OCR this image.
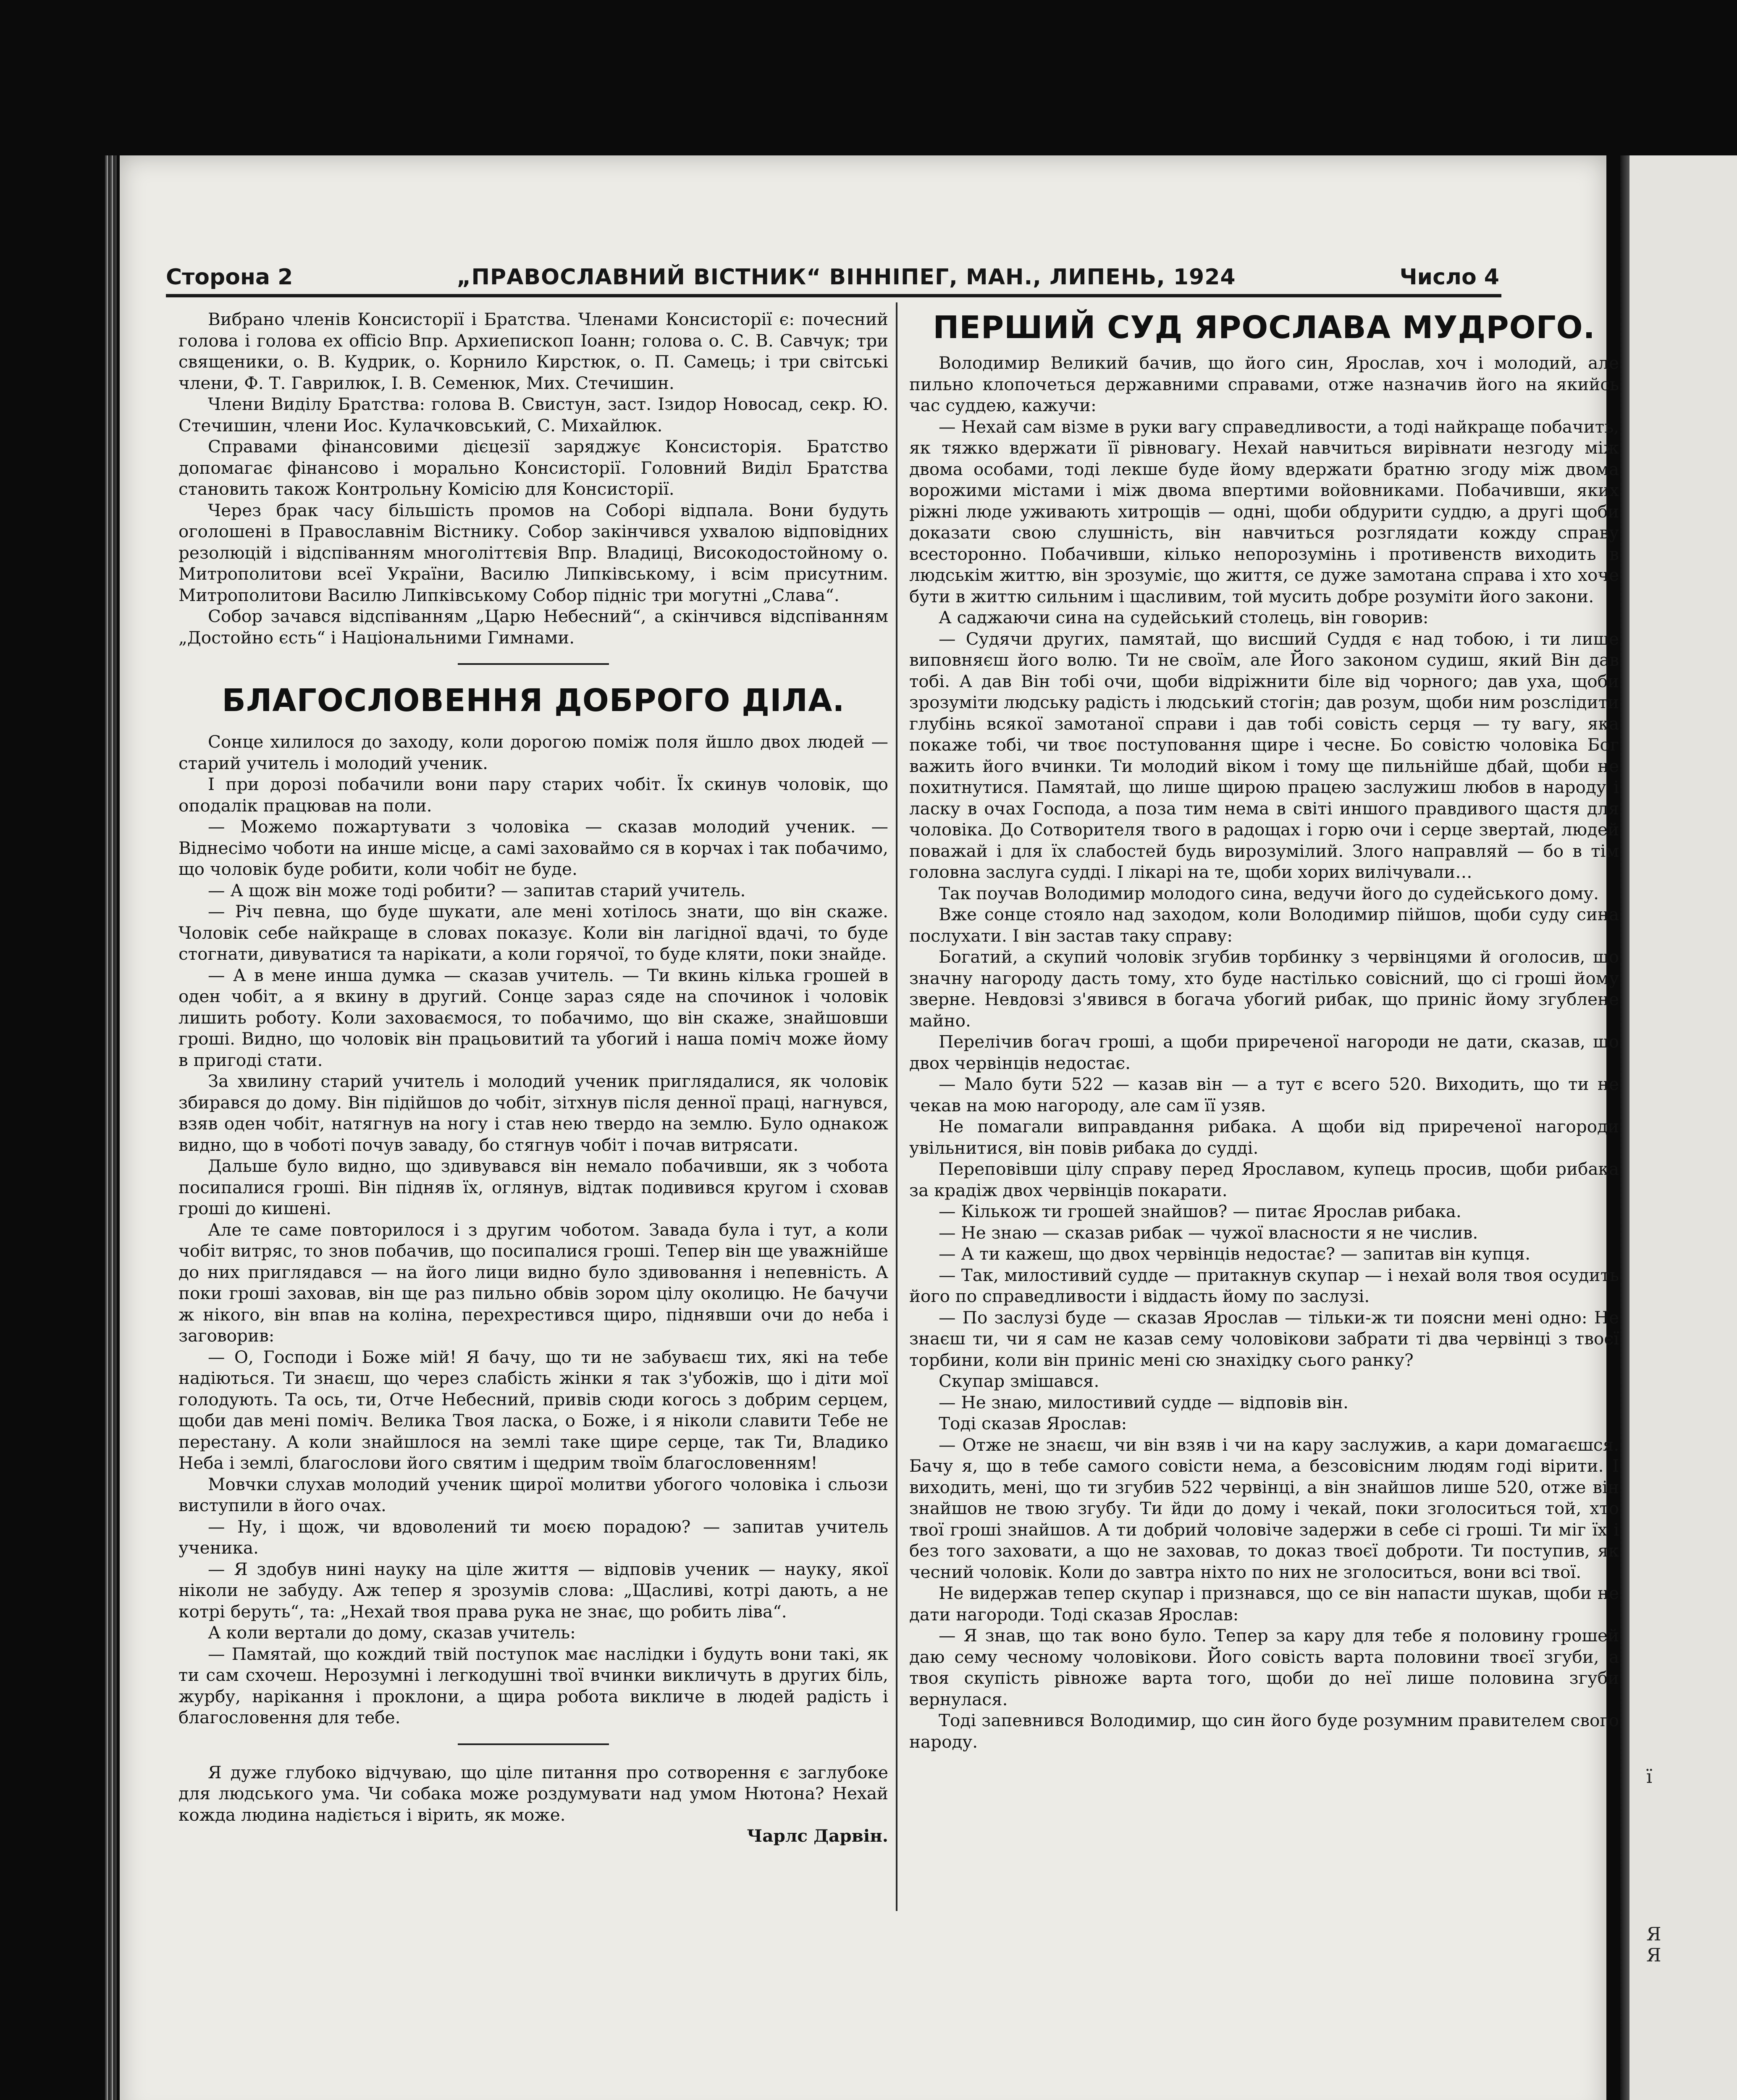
ї
Я
Я
Сторона 2	„ПРАВОСЛАВНИЙ ВІСТНИК“ ВІННІПЕГ, МАН., ЛИПЕНЬ, 1924	Число 4

Вибрано членів Консисторії і Братства. Членами Консисторії є: почесний голова і голова ex officio Впр. Архиепископ Іоанн; голова о. С. В. Савчук; три священики, о. В. Кудрик, о. Корнило Кирстюк, о. П. Самець; і три світські члени, Ф. Т. Гаврилюк, І. В. Семенюк, Мих. Стечишин.

Члени Виділу Братства: голова В. Свистун, заст. Ізидор Новосад, секр. Ю. Стечишин, члени Иос. Кулачковський, С. Михайлюк.

Справами фінансовими дієцезії заряджує Консисторія. Братство допомагає фінансово і морально Консисторії. Головний Виділ Братства становить також Контрольну Комісію для Консисторії.

Через брак часу більшість промов на Соборі відпала. Вони будуть оголошені в Православнім Вістнику. Собор закінчився ухвалою відповідних резолюцій і відспіванням многоліттєвія Впр. Владиці, Високодостойному о. Митрополитови всеї України, Василю Липківському, і всім присутним. Митрополитови Василю Липківському Собор підніс три могутні „Слава“.

Собор зачався відспіванням „Царю Небесний“, а скінчився відспіванням „Достойно єсть“ і Національними Гимнами.

БЛАГОСЛОВЕННЯ ДОБРОГО ДІЛА.

Сонце хилилося до заходу, коли дорогою поміж поля йшло двох людей — старий учитель і молодий ученик.

І при дорозі побачили вони пару старих чобіт. Їх скинув чоловік, що оподалік працював на поли.

— Можемо пожартувати з чоловіка — сказав молодий ученик. — Віднесімо чоботи на инше місце, а самі заховаймо ся в корчах і так побачимо, що чоловік буде робити, коли чобіт не буде.

— А щож він може тоді робити? — запитав старий учитель.

— Річ певна, що буде шукати, але мені хотілось знати, що він скаже. Чоловік себе найкраще в словах показує. Коли він лагідної вдачі, то буде стогнати, дивуватися та нарікати, а коли горячої, то буде кляти, поки знайде.

— А в мене инша думка — сказав учитель. — Ти вкинь кілька грошей в оден чобіт, а я вкину в другий. Сонце зараз сяде на спочинок і чоловік лишить роботу. Коли заховаємося, то побачимо, що він скаже, знайшовши гроші. Видно, що чоловік він працьовитий та убогий і наша поміч може йому в пригоді стати.

За хвилину старий учитель і молодий ученик приглядалися, як чоловік збирався до дому. Він підійшов до чобіт, зітхнув після денної праці, нагнувся, взяв оден чобіт, натягнув на ногу і став нею твердо на землю. Було однакож видно, що в чоботі почув заваду, бо стягнув чобіт і почав витрясати.

Дальше було видно, що здивувався він немало побачивши, як з чобота посипалися гроші. Він підняв їх, оглянув, відтак подивився кругом і сховав гроші до кишені.

Але те саме повторилося і з другим чоботом. Завада була і тут, а коли чобіт витряс, то знов побачив, що посипалися гроші. Тепер він ще уважнійше до них приглядався — на його лици видно було здивовання і непевність. А поки гроші заховав, він ще раз пильно обвів зором цілу околицю. Не бачучи ж нікого, він впав на коліна, перехрестився щиро, піднявши очи до неба і заговорив:

— О, Господи і Боже мій! Я бачу, що ти не забуваєш тих, які на тебе надіються. Ти знаєш, що через слабість жінки я так з'убожів, що і діти мої голодують. Та ось, ти, Отче Небесний, привів сюди когось з добрим серцем, щоби дав мені поміч. Велика Твоя ласка, о Боже, і я ніколи славити Тебе не перестану. А коли знайшлося на землі таке щире серце, так Ти, Владико Неба і землі, благослови його святим і щедрим твоїм благословенням!

Мовчки слухав молодий ученик щирої молитви убогого чоловіка і сльози виступили в його очах.

— Ну, і щож, чи вдоволений ти моєю порадою? — запитав учитель ученика.

— Я здобув нині науку на ціле життя — відповів ученик — науку, якої ніколи не забуду. Аж тепер я зрозумів слова: „Щасливі, котрі дають, а не котрі беруть“, та: „Нехай твоя права рука не знає, що робить ліва“.

А коли вертали до дому, сказав учитель:

— Памятай, що кождий твій поступок має наслідки і будуть вони такі, як ти сам схочеш. Нерозумні і легкодушні твої вчинки викличуть в других біль, журбу, нарікання і проклони, а щира робота викличе в людей радість і благословення для тебе.

Я дуже глубоко відчуваю, що ціле питання про сотворення є заглубоке для людського ума. Чи собака може роздумувати над умом Нютона? Нехай кожда людина надіється і вірить, як може.

Чарлс Дарвін.

ПЕРШИЙ СУД ЯРОСЛАВА МУДРОГО.

Володимир Великий бачив, що його син, Ярослав, хоч і молодий, але пильно клопочеться державними справами, отже назначив його на якийсь час суддею, кажучи:

— Нехай сам візме в руки вагу справедливости, а тоді найкраще побачить, як тяжко вдержати її рівновагу. Нехай навчиться вирівнати незгоду між двома особами, тоді лекше буде йому вдержати братню згоду між двома ворожими містами і між двома впертими войовниками. Побачивши, яких ріжні люде уживають хитрощів — одні, щоби обдурити суддю, а другі щоби доказати свою слушність, він навчиться розглядати кожду справу всесторонно. Побачивши, кілько непорозумінь і противенств виходить в людськім життю, він зрозуміє, що життя, се дуже замотана справа і хто хоче бути в життю сильним і щасливим, той мусить добре розуміти його закони.

А саджаючи сина на судейський столець, він говорив:

— Судячи других, памятай, що висший Суддя є над тобою, і ти лише виповняєш його волю. Ти не своїм, але Його законом судиш, який Він дав тобі. А дав Він тобі очи, щоби відріжнити біле від чорного; дав уха, щоби зрозуміти людську радість і людський стогін; дав розум, щоби ним розслідити глубінь всякої замотаної справи і дав тобі совість серця — ту вагу, яка покаже тобі, чи твоє поступовання щире і чесне. Бо совістю чоловіка Бог важить його вчинки. Ти молодий віком і тому ще пильнійше дбай, щоби не похитнутися. Памятай, що лише щирою працею заслужиш любов в народу і ласку в очах Господа, а поза тим нема в світі иншого правдивого щастя для чоловіка. До Сотворителя твого в радощах і горю очи і серце звертай, людей поважай і для їх слабостей будь вирозумілий. Злого направляй — бо в тім головна заслуга судді. І лікарі на те, щоби хорих вилічували…

Так поучав Володимир молодого сина, ведучи його до судейського дому.

Вже сонце стояло над заходом, коли Володимир пійшов, щоби суду сина послухати. І він застав таку справу:

Богатий, а скупий чоловік згубив торбинку з червінцями й оголосив, що значну нагороду дасть тому, хто буде настілько совісний, що сі гроші йому зверне. Невдовзі з'явився в богача убогий рибак, що приніс йому згублене майно.

Перелічив богач гроші, а щоби приреченої нагороди не дати, сказав, що двох червінців недостає.

— Мало бути 522 — казав він — а тут є всего 520. Виходить, що ти не чекав на мою нагороду, але сам її узяв.

Не помагали виправдання рибака. А щоби від приреченої нагороди увільнитися, він повів рибака до судді.

Переповівши цілу справу перед Ярославом, купець просив, щоби рибака за крадіж двох червінців покарати.

— Кількож ти грошей знайшов? — питає Ярослав рибака.

— Не знаю — сказав рибак — чужої власности я не числив.

— А ти кажеш, що двох червінців недостає? — запитав він купця.

— Так, милостивий судде — притакнув скупар — і нехай воля твоя осудить його по справедливости і віддасть йому по заслузі.

— По заслузі буде — сказав Ярослав — тільки-ж ти поясни мені одно: Не знаєш ти, чи я сам не казав сему чоловікови забрати ті два червінці з твоєї торбини, коли він приніс мені сю знахідку сього ранку?

Скупар змішався.

— Не знаю, милостивий судде — відповів він.

Тоді сказав Ярослав:

— Отже не знаєш, чи він взяв і чи на кару заслужив, а кари домагаєшся. Бачу я, що в тебе самого совісти нема, а безсовісним людям годі вірити. І виходить, мені, що ти згубив 522 червінці, а він знайшов лише 520, отже він знайшов не твою згубу. Ти йди до дому і чекай, поки зголоситься той, хто твої гроші знайшов. А ти добрий чоловіче задержи в себе сі гроші. Ти міг їх і без того заховати, а що не заховав, то доказ твоєї доброти. Ти поступив, як чесний чоловік. Коли до завтра ніхто по них не зголоситься, вони всі твої.

Не видержав тепер скупар і признався, що се він напасти шукав, щоби не дати нагороди. Тоді сказав Ярослав:

— Я знав, що так воно було. Тепер за кару для тебе я половину грошей даю сему чесному чоловікови. Його совість варта половини твоєї згуби, а твоя скупість рівноже варта того, щоби до неї лише половина згуби вернулася.

Тоді запевнився Володимир, що син його буде розумним правителем свого народу.
